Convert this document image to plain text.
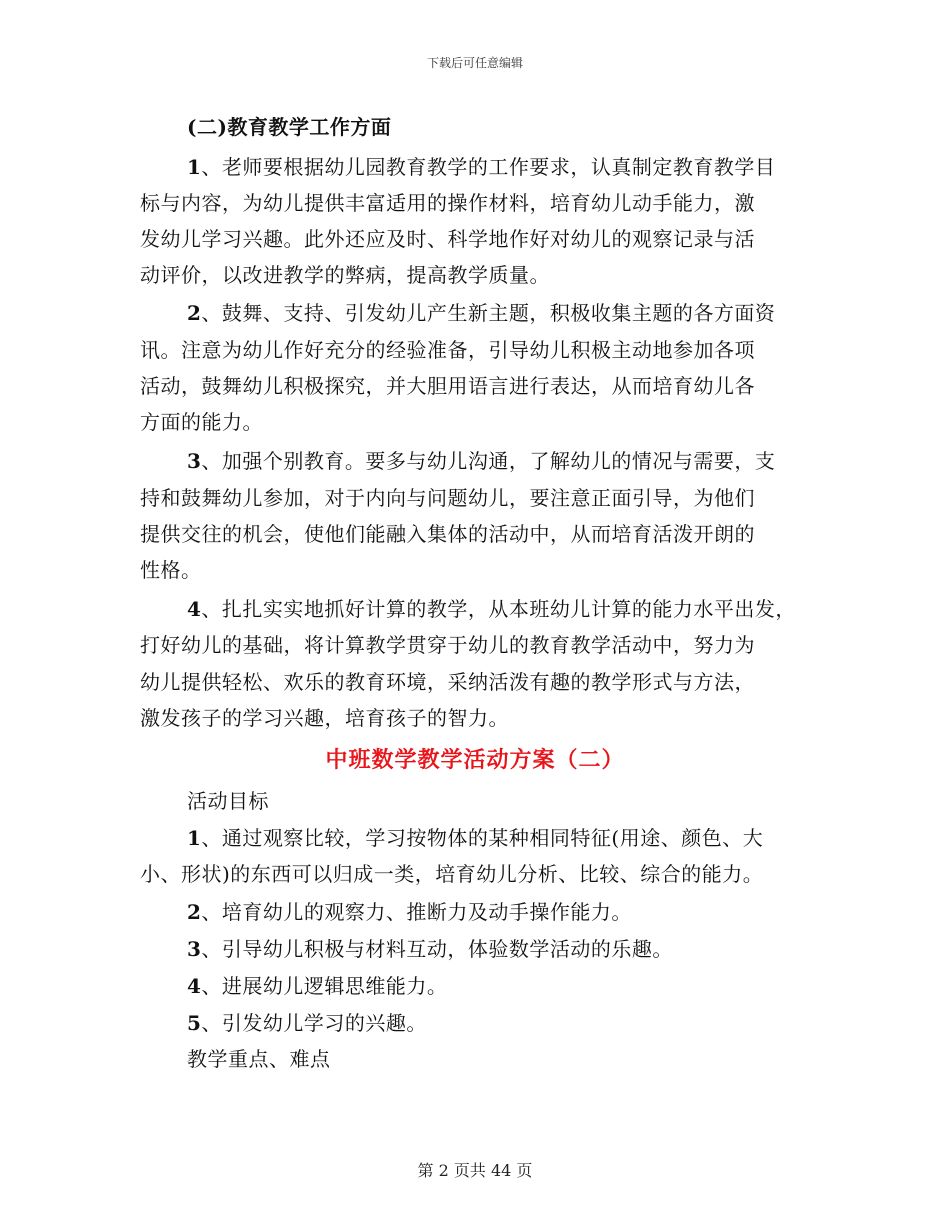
下载后可任意编辑
(二)教育教学工作方面
1、老师要根据幼儿园教育教学的工作要求，认真制定教育教学目
标与内容，为幼儿提供丰富适用的操作材料，培育幼儿动手能力，激
发幼儿学习兴趣。此外还应及时、科学地作好对幼儿的观察记录与活
动评价，以改进教学的弊病，提高教学质量。
2、鼓舞、支持、引发幼儿产生新主题，积极收集主题的各方面资
讯。注意为幼儿作好充分的经验准备，引导幼儿积极主动地参加各项
活动，鼓舞幼儿积极探究，并大胆用语言进行表达，从而培育幼儿各
方面的能力。
3、加强个别教育。要多与幼儿沟通，了解幼儿的情况与需要，支
持和鼓舞幼儿参加，对于内向与问题幼儿，要注意正面引导，为他们
提供交往的机会，使他们能融入集体的活动中，从而培育活泼开朗的
性格。
4、扎扎实实地抓好计算的教学，从本班幼儿计算的能力水平出发，
打好幼儿的基础，将计算教学贯穿于幼儿的教育教学活动中，努力为
幼儿提供轻松、欢乐的教育环境，采纳活泼有趣的教学形式与方法，
激发孩子的学习兴趣，培育孩子的智力。
中班数学教学活动方案（二）
活动目标
1、通过观察比较，学习按物体的某种相同特征(用途、颜色、大
小、形状)的东西可以归成一类，培育幼儿分析、比较、综合的能力。
2、培育幼儿的观察力、推断力及动手操作能力。
3、引导幼儿积极与材料互动，体验数学活动的乐趣。
4、进展幼儿逻辑思维能力。
5、引发幼儿学习的兴趣。
教学重点、难点
第 2 页共 44 页
